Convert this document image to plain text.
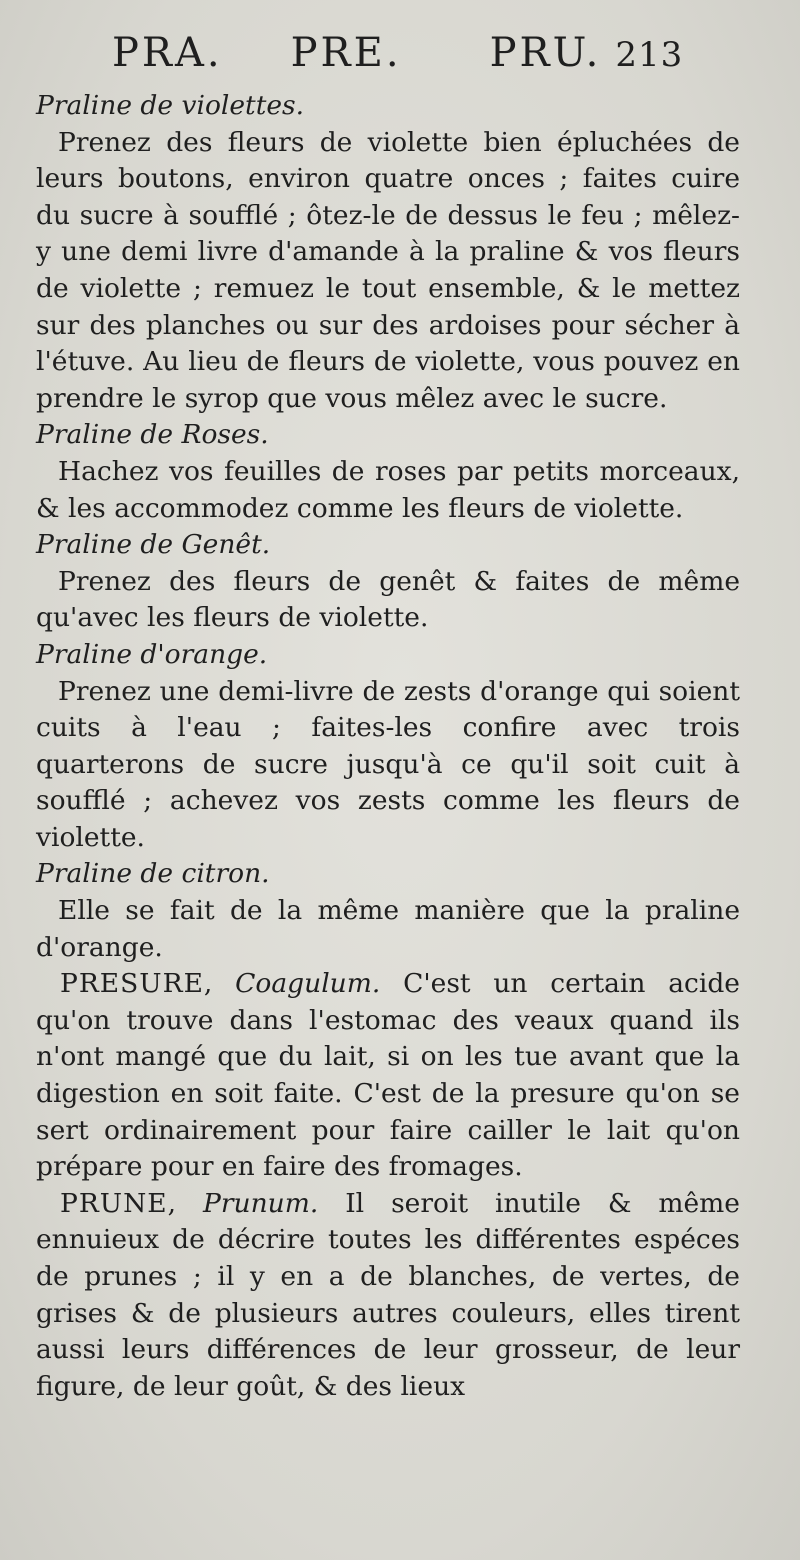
PRA. PRE. PRU. 213

Praline de violettes.

Prenez des fleurs de violette bien épluchées de leurs boutons, environ quatre onces ; faites cuire du sucre à soufflé ; ôtez-le de dessus le feu ; mêlez-y une demi livre d'amande à la praline & vos fleurs de violette ; remuez le tout ensemble, & le mettez sur des planches ou sur des ardoises pour sécher à l'étuve. Au lieu de fleurs de violette, vous pouvez en prendre le syrop que vous mêlez avec le sucre.

Praline de Roses.

Hachez vos feuilles de roses par petits morceaux, & les accommodez comme les fleurs de violette.

Praline de Genêt.

Prenez des fleurs de genêt & faites de même qu'avec les fleurs de violette.

Praline d'orange.

Prenez une demi-livre de zests d'orange qui soient cuits à l'eau ; faites-les confire avec trois quarterons de sucre jusqu'à ce qu'il soit cuit à soufflé ; achevez vos zests comme les fleurs de violette.

Praline de citron.

Elle se fait de la même manière que la praline d'orange.

PRESURE, Coagulum. C'est un certain acide qu'on trouve dans l'estomac des veaux quand ils n'ont mangé que du lait, si on les tue avant que la digestion en soit faite. C'est de la presure qu'on se sert ordinairement pour faire cailler le lait qu'on prépare pour en faire des fromages.

PRUNE, Prunum. Il seroit inutile & même ennuieux de décrire toutes les différentes espéces de prunes ; il y en a de blanches, de vertes, de grises & de plusieurs autres couleurs, elles tirent aussi leurs différences de leur grosseur, de leur figure, de leur goût, & des lieux
